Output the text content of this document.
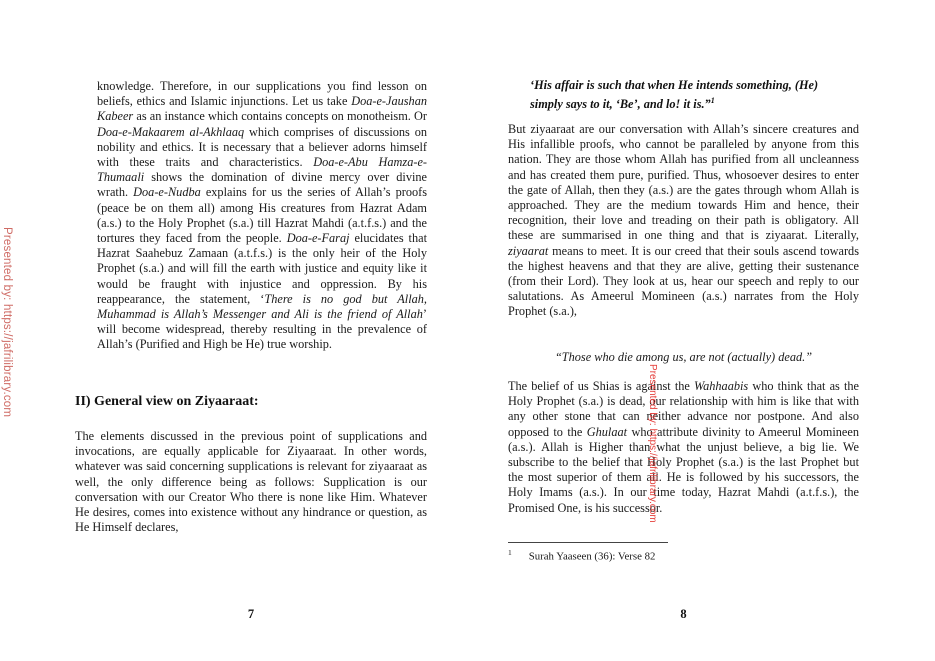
Presented by: https://jafrilibrary.com

knowledge. Therefore, in our supplications you find lesson on beliefs, ethics and Islamic injunctions. Let us take Doa-e-Jaushan Kabeer as an instance which contains concepts on monotheism. Or Doa-e-Makaarem al-Akhlaaq which comprises of discussions on nobility and ethics. It is necessary that a believer adorns himself with these traits and characteristics. Doa-e-Abu Hamza-e-Thumaali shows the domination of divine mercy over divine wrath. Doa-e-Nudba explains for us the series of Allah’s proofs (peace be on them all) among His creatures from Hazrat Adam (a.s.) to the Holy Prophet (s.a.) till Hazrat Mahdi (a.t.f.s.) and the tortures they faced from the people. Doa-e-Faraj elucidates that Hazrat Saahebuz Zamaan (a.t.f.s.) is the only heir of the Holy Prophet (s.a.) and will fill the earth with justice and equity like it would be fraught with injustice and oppression. By his reappearance, the statement, ‘There is no god but Allah, Muhammad is Allah’s Messenger and Ali is the friend of Allah’ will become widespread, thereby resulting in the prevalence of Allah’s (Purified and High be He) true worship.

II) General view on Ziyaaraat:

The elements discussed in the previous point of supplications and invocations, are equally applicable for Ziyaaraat. In other words, whatever was said concerning supplications is relevant for ziyaaraat as well, the only difference being as follows: Supplication is our conversation with our Creator Who there is none like Him. Whatever He desires, comes into existence without any hindrance or question, as He Himself declares,

7
‘His affair is such that when He intends something, (He) simply says to it, ‘Be’, and lo! it is.”$^1$

But ziyaaraat are our conversation with Allah’s sincere creatures and His infallible proofs, who cannot be paralleled by anyone from this nation. They are those whom Allah has purified from all uncleanness and has created them pure, purified. Thus, whosoever desires to enter the gate of Allah, then they (a.s.) are the gates through whom Allah is approached. They are the medium towards Him and hence, their recognition, their love and treading on their path is obligatory. All these are summarised in one thing and that is ziyaarat. Literally, ziyaarat means to meet. It is our creed that their souls ascend towards the highest heavens and that they are alive, getting their sustenance (from their Lord). They look at us, hear our speech and reply to our salutations. As Ameerul Momineen (a.s.) narrates from the Holy Prophet (s.a.),

“Those who die among us, are not (actually) dead.”

The belief of us Shias is against the Wahhaabis who think that as the Holy Prophet (s.a.) is dead, our relationship with him is like that with any other stone that can neither advance nor postpone. And also opposed to the Ghulaat who attribute divinity to Ameerul Momineen (a.s.). Allah is Higher than what the unjust believe, a big lie. We subscribe to the belief that Holy Prophet (s.a.) is the last Prophet but the most superior of them all. He is followed by his successors, the Holy Imams (a.s.). In our time today, Hazrat Mahdi (a.t.f.s.), the Promised One, is his successor.

$^1$ Surah Yaaseen (36): Verse 82
8
Presented by: https://jafrilibrary.com
